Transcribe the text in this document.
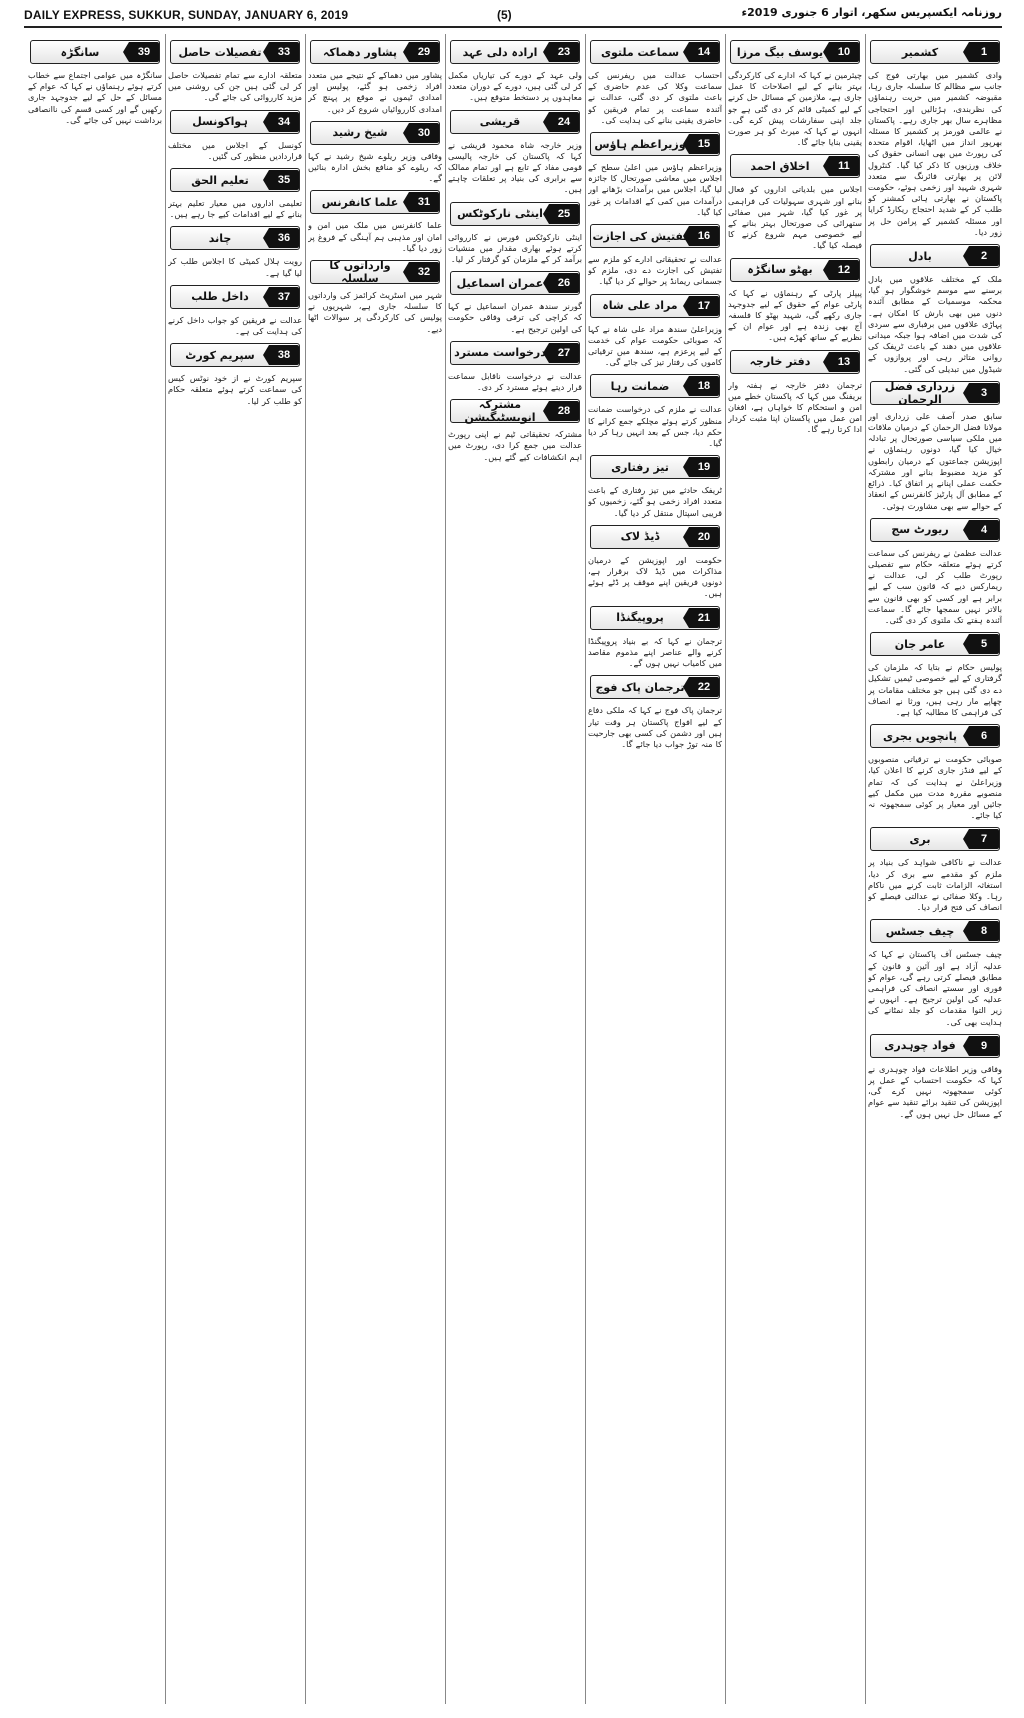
DAILY EXPRESS, SUKKUR, SUNDAY, JANUARY 6, 2019	(5)	روزنامہ ایکسپریس سکھر، اتوار 6 جنوری 2019ء
1
کشمیر
وادی کشمیر میں بھارتی فوج کی جانب سے مظالم کا سلسلہ جاری رہا، مقبوضہ کشمیر میں حریت رہنماؤں کی نظربندی، ہڑتالیں اور احتجاجی مظاہرے سال بھر جاری رہے۔ پاکستان نے عالمی فورمز پر کشمیر کا مسئلہ بھرپور انداز میں اٹھایا، اقوام متحدہ کی رپورٹ میں بھی انسانی حقوق کی خلاف ورزیوں کا ذکر کیا گیا۔ کنٹرول لائن پر بھارتی فائرنگ سے متعدد شہری شہید اور زخمی ہوئے، حکومت پاکستان نے بھارتی ہائی کمشنر کو طلب کر کے شدید احتجاج ریکارڈ کرایا اور مسئلہ کشمیر کے پرامن حل پر زور دیا۔
2
بادل
ملک کے مختلف علاقوں میں بادل برسنے سے موسم خوشگوار ہو گیا، محکمہ موسمیات کے مطابق آئندہ دنوں میں بھی بارش کا امکان ہے۔ پہاڑی علاقوں میں برفباری سے سردی کی شدت میں اضافہ ہوا جبکہ میدانی علاقوں میں دھند کے باعث ٹریفک کی روانی متاثر رہی اور پروازوں کے شیڈول میں تبدیلی کی گئی۔
3
زرداری فضل الرحمان
سابق صدر آصف علی زرداری اور مولانا فضل الرحمان کے درمیان ملاقات میں ملکی سیاسی صورتحال پر تبادلہ خیال کیا گیا، دونوں رہنماؤں نے اپوزیشن جماعتوں کے درمیان رابطوں کو مزید مضبوط بنانے اور مشترکہ حکمت عملی اپنانے پر اتفاق کیا۔ ذرائع کے مطابق آل پارٹیز کانفرنس کے انعقاد کے حوالے سے بھی مشاورت ہوئی۔
4
ریورٹ سج
عدالت عظمیٰ نے ریفرنس کی سماعت کرتے ہوئے متعلقہ حکام سے تفصیلی رپورٹ طلب کر لی، عدالت نے ریمارکس دیے کہ قانون سب کے لیے برابر ہے اور کسی کو بھی قانون سے بالاتر نہیں سمجھا جائے گا۔ سماعت آئندہ ہفتے تک ملتوی کر دی گئی۔
5
عامر جان
پولیس حکام نے بتایا کہ ملزمان کی گرفتاری کے لیے خصوصی ٹیمیں تشکیل دے دی گئی ہیں جو مختلف مقامات پر چھاپے مار رہی ہیں، ورثا نے انصاف کی فراہمی کا مطالبہ کیا ہے۔
6
پانچویں بجری
صوبائی حکومت نے ترقیاتی منصوبوں کے لیے فنڈز جاری کرنے کا اعلان کیا، وزیراعلیٰ نے ہدایت کی کہ تمام منصوبے مقررہ مدت میں مکمل کیے جائیں اور معیار پر کوئی سمجھوتہ نہ کیا جائے۔
7
بری
عدالت نے ناکافی شواہد کی بنیاد پر ملزم کو مقدمے سے بری کر دیا، استغاثہ الزامات ثابت کرنے میں ناکام رہا۔ وکلا صفائی نے عدالتی فیصلے کو انصاف کی فتح قرار دیا۔
8
چیف جسٹس
چیف جسٹس آف پاکستان نے کہا کہ عدلیہ آزاد ہے اور آئین و قانون کے مطابق فیصلے کرتی رہے گی، عوام کو فوری اور سستے انصاف کی فراہمی عدلیہ کی اولین ترجیح ہے۔ انہوں نے زیر التوا مقدمات کو جلد نمٹانے کی ہدایت بھی کی۔
9
فواد چوہدری
وفاقی وزیر اطلاعات فواد چوہدری نے کہا کہ حکومت احتساب کے عمل پر کوئی سمجھوتہ نہیں کرے گی، اپوزیشن کی تنقید برائے تنقید سے عوام کے مسائل حل نہیں ہوں گے۔
10
یوسف بیگ مرزا
چیئرمین نے کہا کہ ادارے کی کارکردگی بہتر بنانے کے لیے اصلاحات کا عمل جاری ہے، ملازمین کے مسائل حل کرنے کے لیے کمیٹی قائم کر دی گئی ہے جو جلد اپنی سفارشات پیش کرے گی۔ انہوں نے کہا کہ میرٹ کو ہر صورت یقینی بنایا جائے گا۔
11
اخلاق احمد
اجلاس میں بلدیاتی اداروں کو فعال بنانے اور شہری سہولیات کی فراہمی پر غور کیا گیا، شہر میں صفائی ستھرائی کی صورتحال بہتر بنانے کے لیے خصوصی مہم شروع کرنے کا فیصلہ کیا گیا۔
12
بھٹو سانگڑہ
پیپلز پارٹی کے رہنماؤں نے کہا کہ پارٹی عوام کے حقوق کے لیے جدوجہد جاری رکھے گی، شہید بھٹو کا فلسفہ آج بھی زندہ ہے اور عوام ان کے نظریے کے ساتھ کھڑے ہیں۔
13
دفتر خارجہ
ترجمان دفتر خارجہ نے ہفتہ وار بریفنگ میں کہا کہ پاکستان خطے میں امن و استحکام کا خواہاں ہے، افغان امن عمل میں پاکستان اپنا مثبت کردار ادا کرتا رہے گا۔
14
سماعت ملتوی
احتساب عدالت میں ریفرنس کی سماعت وکلا کی عدم حاضری کے باعث ملتوی کر دی گئی، عدالت نے آئندہ سماعت پر تمام فریقین کو حاضری یقینی بنانے کی ہدایت کی۔
15
وزیراعظم ہاؤس
وزیراعظم ہاؤس میں اعلیٰ سطح کے اجلاس میں معاشی صورتحال کا جائزہ لیا گیا، اجلاس میں برآمدات بڑھانے اور درآمدات میں کمی کے اقدامات پر غور کیا گیا۔
16
تفتیش کی اجازت
عدالت نے تحقیقاتی ادارے کو ملزم سے تفتیش کی اجازت دے دی، ملزم کو جسمانی ریمانڈ پر حوالے کر دیا گیا۔
17
مراد علی شاہ
وزیراعلیٰ سندھ مراد علی شاہ نے کہا کہ صوبائی حکومت عوام کی خدمت کے لیے پرعزم ہے، سندھ میں ترقیاتی کاموں کی رفتار تیز کی جائے گی۔
18
ضمانت رہا
عدالت نے ملزم کی درخواست ضمانت منظور کرتے ہوئے مچلکے جمع کرانے کا حکم دیا، جس کے بعد انہیں رہا کر دیا گیا۔
19
تیز رفتاری
ٹریفک حادثے میں تیز رفتاری کے باعث متعدد افراد زخمی ہو گئے، زخمیوں کو قریبی اسپتال منتقل کر دیا گیا۔
20
ڈیڈ لاک
حکومت اور اپوزیشن کے درمیان مذاکرات میں ڈیڈ لاک برقرار ہے، دونوں فریقین اپنے موقف پر ڈٹے ہوئے ہیں۔
21
پروپیگنڈا
ترجمان نے کہا کہ بے بنیاد پروپیگنڈا کرنے والے عناصر اپنے مذموم مقاصد میں کامیاب نہیں ہوں گے۔
22
ترجمان پاک فوج
ترجمان پاک فوج نے کہا کہ ملکی دفاع کے لیے افواج پاکستان ہر وقت تیار ہیں اور دشمن کی کسی بھی جارحیت کا منہ توڑ جواب دیا جائے گا۔
23
ارادہ دلی عہد
ولی عہد کے دورے کی تیاریاں مکمل کر لی گئی ہیں، دورے کے دوران متعدد معاہدوں پر دستخط متوقع ہیں۔
24
قریشی
وزیر خارجہ شاہ محمود قریشی نے کہا کہ پاکستان کی خارجہ پالیسی قومی مفاد کے تابع ہے اور تمام ممالک سے برابری کی بنیاد پر تعلقات چاہتے ہیں۔
25
اینٹی نارکوٹکس
اینٹی نارکوٹکس فورس نے کارروائی کرتے ہوئے بھاری مقدار میں منشیات برآمد کر کے ملزمان کو گرفتار کر لیا۔
26
عمران اسماعیل
گورنر سندھ عمران اسماعیل نے کہا کہ کراچی کی ترقی وفاقی حکومت کی اولین ترجیح ہے۔
27
درخواست مسترد
عدالت نے درخواست ناقابل سماعت قرار دیتے ہوئے مسترد کر دی۔
28
مشترکہ انویسٹیگیشن
مشترکہ تحقیقاتی ٹیم نے اپنی رپورٹ عدالت میں جمع کرا دی، رپورٹ میں اہم انکشافات کیے گئے ہیں۔
29
پشاور دھماکہ
پشاور میں دھماکے کے نتیجے میں متعدد افراد زخمی ہو گئے، پولیس اور امدادی ٹیموں نے موقع پر پہنچ کر امدادی کارروائیاں شروع کر دیں۔
30
شیخ رشید
وفاقی وزیر ریلوے شیخ رشید نے کہا کہ ریلوے کو منافع بخش ادارہ بنائیں گے۔
31
علما کانفرنس
علما کانفرنس میں ملک میں امن و امان اور مذہبی ہم آہنگی کے فروغ پر زور دیا گیا۔
32
وارداتوں کا سلسلہ
شہر میں اسٹریٹ کرائمز کی وارداتوں کا سلسلہ جاری ہے، شہریوں نے پولیس کی کارکردگی پر سوالات اٹھا دیے۔
33
تفصیلات حاصل
متعلقہ ادارے سے تمام تفصیلات حاصل کر لی گئی ہیں جن کی روشنی میں مزید کارروائی کی جائے گی۔
34
ہواکونسل
کونسل کے اجلاس میں مختلف قراردادیں منظور کی گئیں۔
35
تعلیم الحق
تعلیمی اداروں میں معیار تعلیم بہتر بنانے کے لیے اقدامات کیے جا رہے ہیں۔
36
چاند
رویت ہلال کمیٹی کا اجلاس طلب کر لیا گیا ہے۔
37
داخل طلب
عدالت نے فریقین کو جواب داخل کرنے کی ہدایت کی ہے۔
38
سپریم کورٹ
سپریم کورٹ نے از خود نوٹس کیس کی سماعت کرتے ہوئے متعلقہ حکام کو طلب کر لیا۔
39
سانگڑہ
سانگڑہ میں عوامی اجتماع سے خطاب کرتے ہوئے رہنماؤں نے کہا کہ عوام کے مسائل کے حل کے لیے جدوجہد جاری رکھیں گے اور کسی قسم کی ناانصافی برداشت نہیں کی جائے گی۔
